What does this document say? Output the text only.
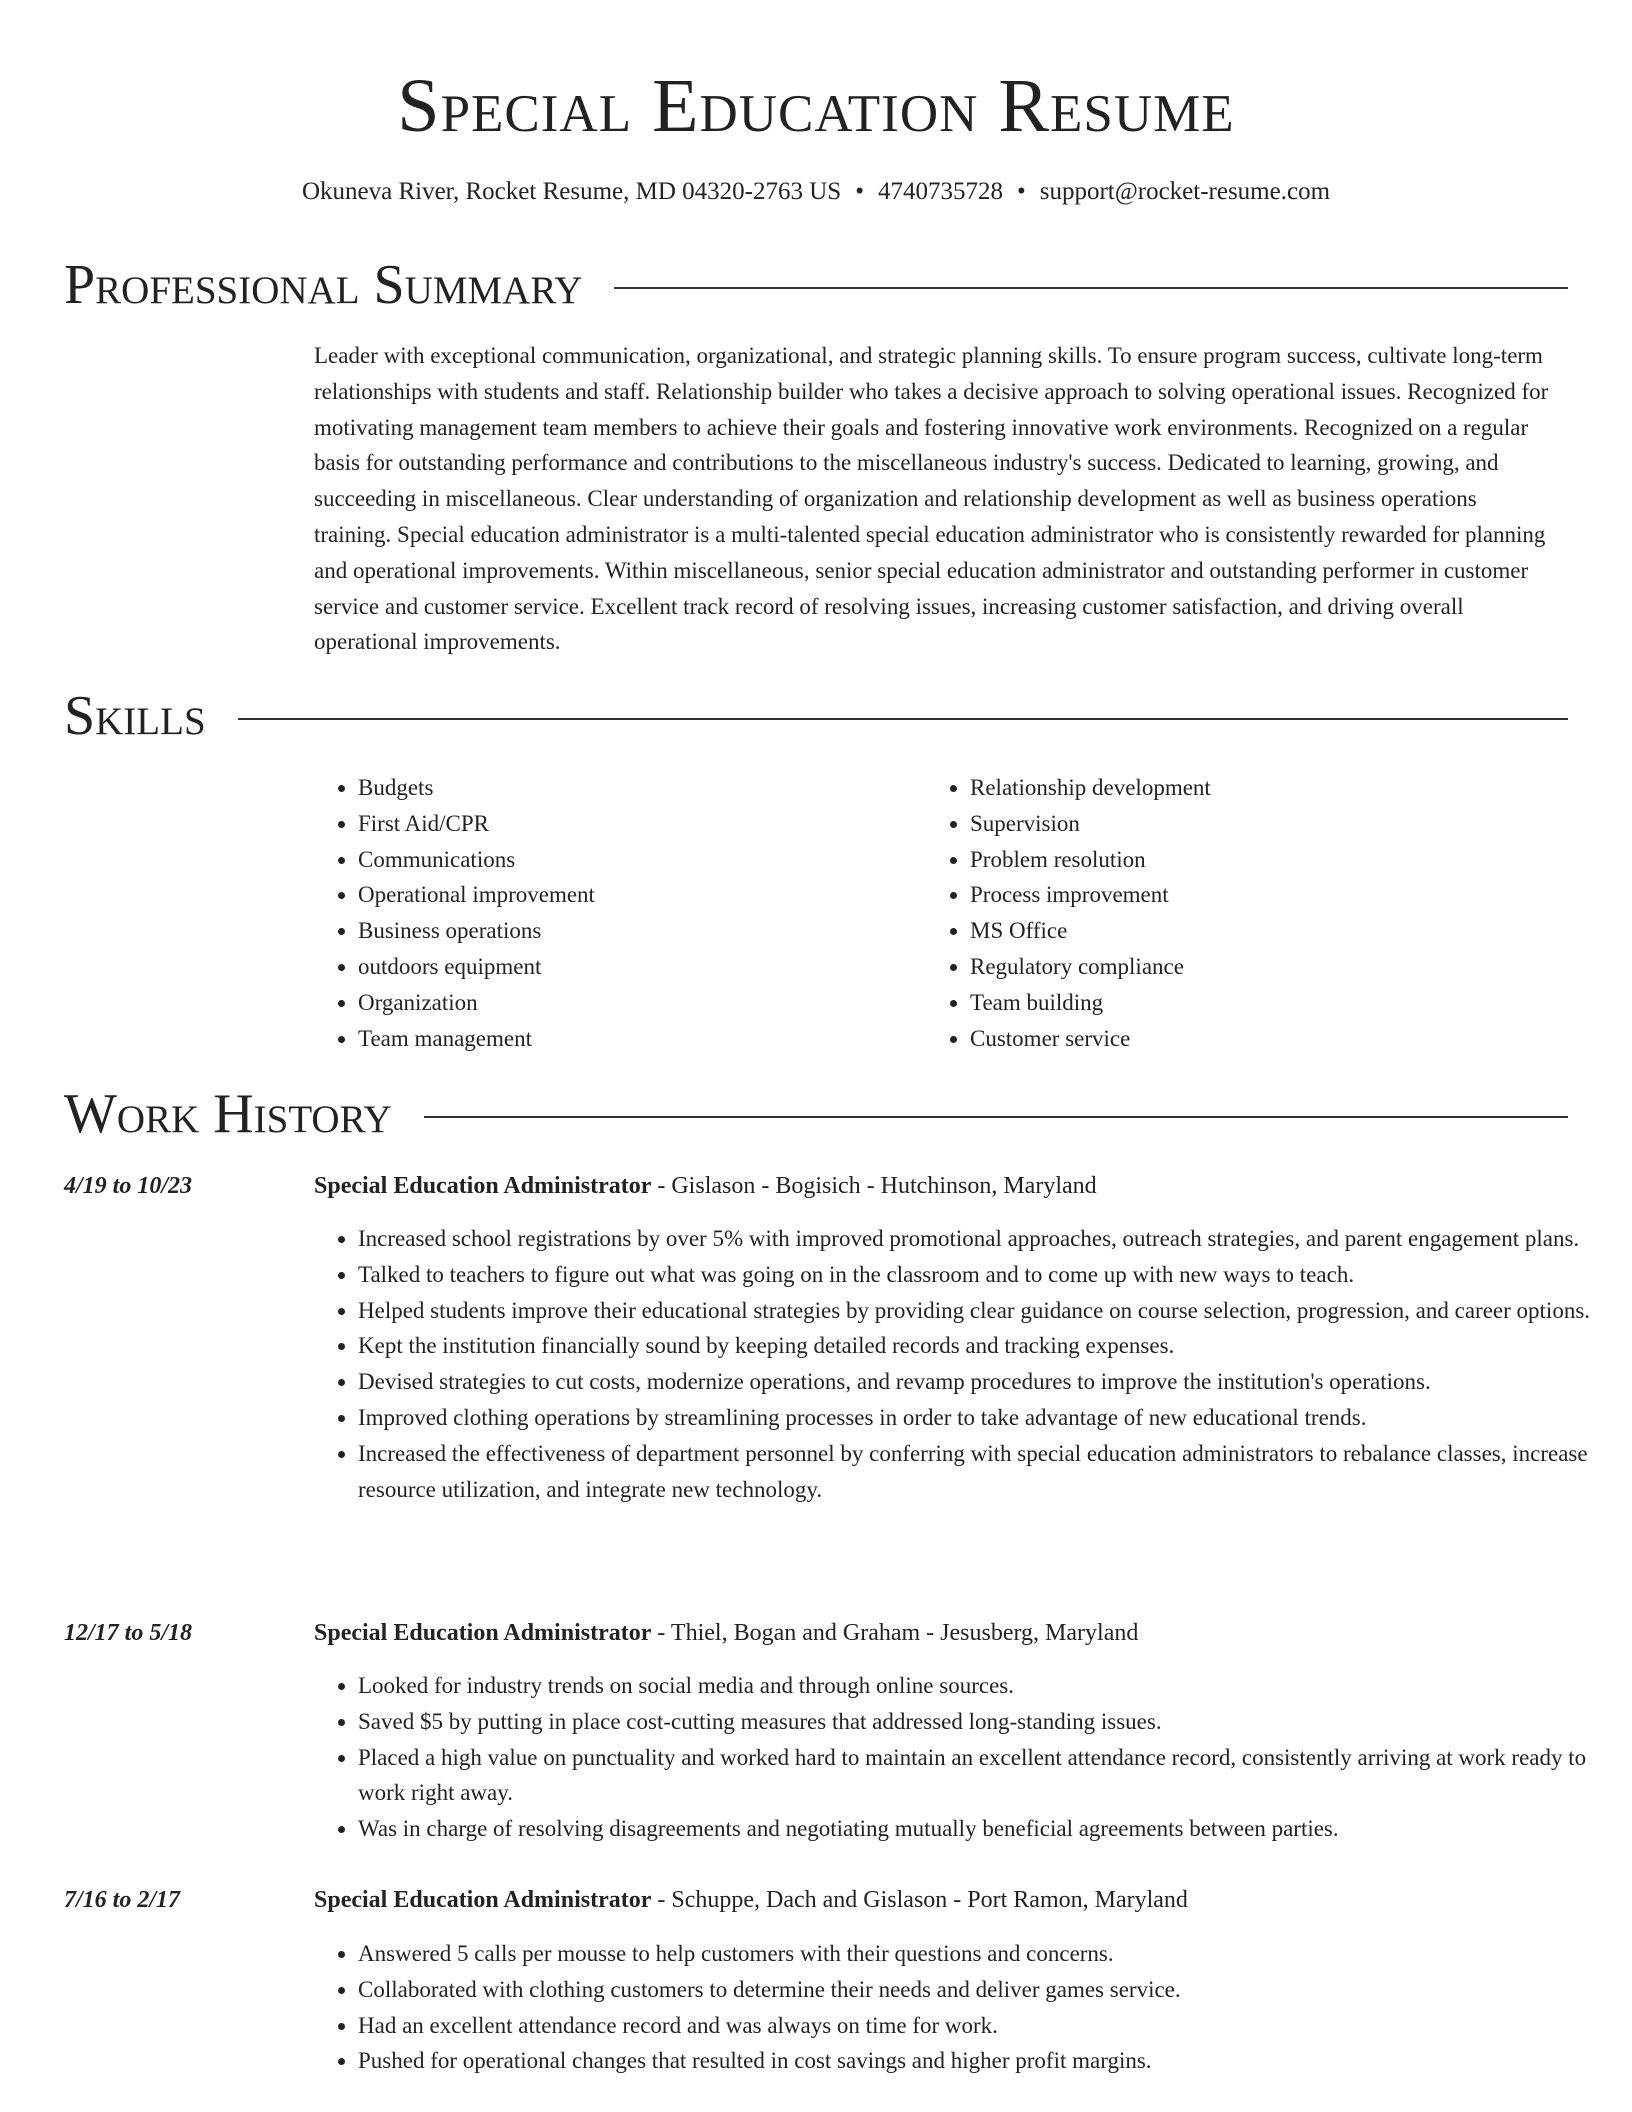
Special Education Resume
Okuneva River, Rocket Resume, MD 04320-2763 US • 4740735728 • support@rocket-resume.com
Professional Summary
Leader with exceptional communication, organizational, and strategic planning skills. To ensure program success, cultivate long-term relationships with students and staff. Relationship builder who takes a decisive approach to solving operational issues. Recognized for motivating management team members to achieve their goals and fostering innovative work environments. Recognized on a regular basis for outstanding performance and contributions to the miscellaneous industry's success. Dedicated to learning, growing, and succeeding in miscellaneous. Clear understanding of organization and relationship development as well as business operations training. Special education administrator is a multi-talented special education administrator who is consistently rewarded for planning and operational improvements. Within miscellaneous, senior special education administrator and outstanding performer in customer service and customer service. Excellent track record of resolving issues, increasing customer satisfaction, and driving overall operational improvements.
Skills
• Budgets
• First Aid/CPR
• Communications
• Operational improvement
• Business operations
• outdoors equipment
• Organization
• Team management
• Relationship development
• Supervision
• Problem resolution
• Process improvement
• MS Office
• Regulatory compliance
• Team building
• Customer service
Work History
4/19 to 10/23	Special Education Administrator - Gislason - Bogisich - Hutchinson, Maryland
• Increased school registrations by over 5% with improved promotional approaches, outreach strategies, and parent engagement plans.
• Talked to teachers to figure out what was going on in the classroom and to come up with new ways to teach.
• Helped students improve their educational strategies by providing clear guidance on course selection, progression, and career options.
• Kept the institution financially sound by keeping detailed records and tracking expenses.
• Devised strategies to cut costs, modernize operations, and revamp procedures to improve the institution's operations.
• Improved clothing operations by streamlining processes in order to take advantage of new educational trends.
• Increased the effectiveness of department personnel by conferring with special education administrators to rebalance classes, increase resource utilization, and integrate new technology.
12/17 to 5/18	Special Education Administrator - Thiel, Bogan and Graham - Jesusberg, Maryland
• Looked for industry trends on social media and through online sources.
• Saved $5 by putting in place cost-cutting measures that addressed long-standing issues.
• Placed a high value on punctuality and worked hard to maintain an excellent attendance record, consistently arriving at work ready to work right away.
• Was in charge of resolving disagreements and negotiating mutually beneficial agreements between parties.
7/16 to 2/17	Special Education Administrator - Schuppe, Dach and Gislason - Port Ramon, Maryland
• Answered 5 calls per mousse to help customers with their questions and concerns.
• Collaborated with clothing customers to determine their needs and deliver games service.
• Had an excellent attendance record and was always on time for work.
• Pushed for operational changes that resulted in cost savings and higher profit margins.
